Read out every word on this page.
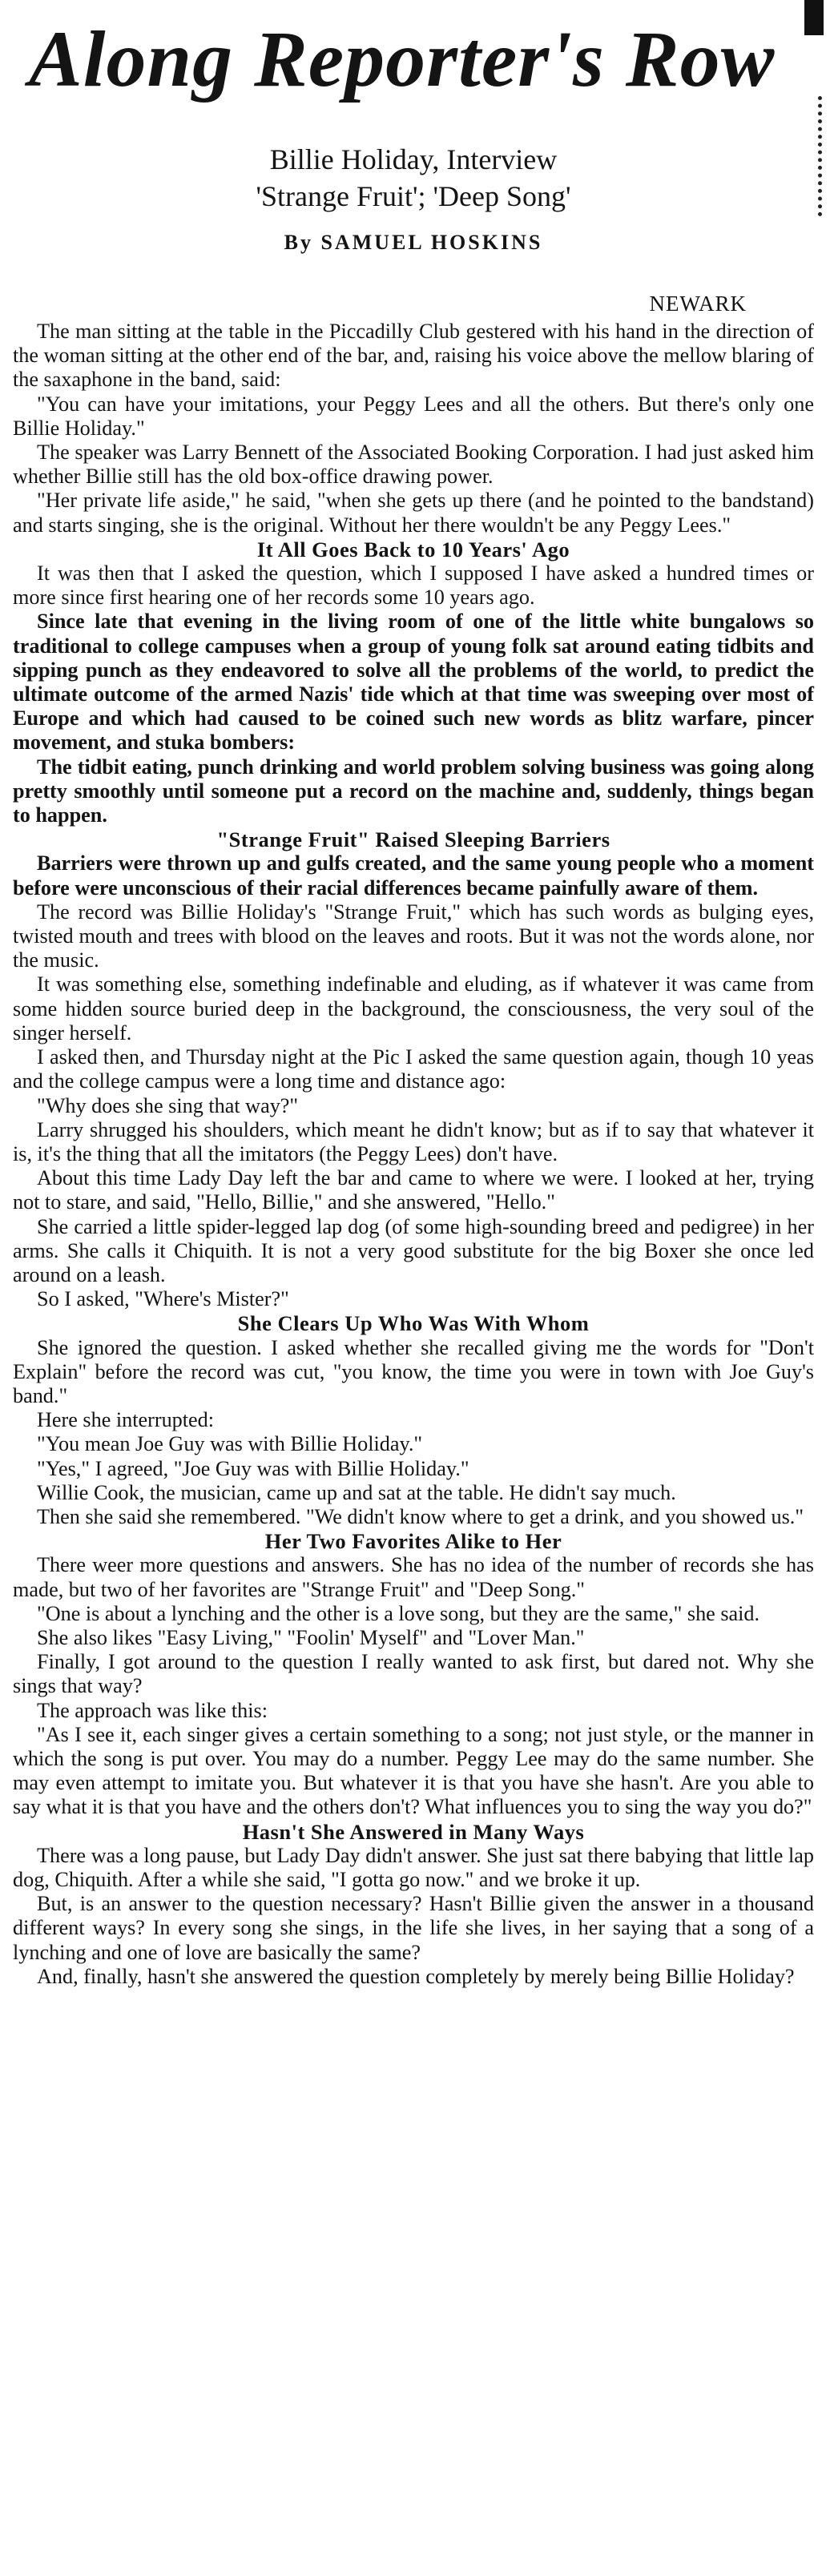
Along Reporter's Row
Billie Holiday, Interview
'Strange Fruit'; 'Deep Song'
By SAMUEL HOSKINS
NEWARK

The man sitting at the table in the Piccadilly Club gestered with his hand in the direction of the woman sitting at the other end of the bar, and, raising his voice above the mellow blaring of the saxaphone in the band, said:

"You can have your imitations, your Peggy Lees and all the others. But there's only one Billie Holiday."

The speaker was Larry Bennett of the Associated Booking Corporation. I had just asked him whether Billie still has the old box-office drawing power.

"Her private life aside," he said, "when she gets up there (and he pointed to the bandstand) and starts singing, she is the original. Without her there wouldn't be any Peggy Lees."

It All Goes Back to 10 Years' Ago

It was then that I asked the question, which I supposed I have asked a hundred times or more since first hearing one of her records some 10 years ago.

Since late that evening in the living room of one of the little white bungalows so traditional to college campuses when a group of young folk sat around eating tidbits and sipping punch as they endeavored to solve all the problems of the world, to predict the ultimate outcome of the armed Nazis' tide which at that time was sweeping over most of Europe and which had caused to be coined such new words as blitz warfare, pincer movement, and stuka bombers:

The tidbit eating, punch drinking and world problem solving business was going along pretty smoothly until someone put a record on the machine and, suddenly, things began to happen.

"Strange Fruit" Raised Sleeping Barriers

Barriers were thrown up and gulfs created, and the same young people who a moment before were unconscious of their racial differences became painfully aware of them.

The record was Billie Holiday's "Strange Fruit," which has such words as bulging eyes, twisted mouth and trees with blood on the leaves and roots. But it was not the words alone, nor the music.

It was something else, something indefinable and eluding, as if whatever it was came from some hidden source buried deep in the background, the consciousness, the very soul of the singer herself.

I asked then, and Thursday night at the Pic I asked the same question again, though 10 yeas and the college campus were a long time and distance ago:

"Why does she sing that way?"

Larry shrugged his shoulders, which meant he didn't know; but as if to say that whatever it is, it's the thing that all the imitators (the Peggy Lees) don't have.

About this time Lady Day left the bar and came to where we were. I looked at her, trying not to stare, and said, "Hello, Billie," and she answered, "Hello."

She carried a little spider-legged lap dog (of some high-sounding breed and pedigree) in her arms. She calls it Chiquith. It is not a very good substitute for the big Boxer she once led around on a leash.

So I asked, "Where's Mister?"

She Clears Up Who Was With Whom

She ignored the question. I asked whether she recalled giving me the words for "Don't Explain" before the record was cut, "you know, the time you were in town with Joe Guy's band."

Here she interrupted:

"You mean Joe Guy was with Billie Holiday."

"Yes," I agreed, "Joe Guy was with Billie Holiday."

Willie Cook, the musician, came up and sat at the table. He didn't say much.

Then she said she remembered. "We didn't know where to get a drink, and you showed us."

Her Two Favorites Alike to Her

There weer more questions and answers. She has no idea of the number of records she has made, but two of her favorites are "Strange Fruit" and "Deep Song."

"One is about a lynching and the other is a love song, but they are the same," she said.

She also likes "Easy Living," "Foolin' Myself" and "Lover Man."

Finally, I got around to the question I really wanted to ask first, but dared not. Why she sings that way?

The approach was like this:

"As I see it, each singer gives a certain something to a song; not just style, or the manner in which the song is put over. You may do a number. Peggy Lee may do the same number. She may even attempt to imitate you. But whatever it is that you have she hasn't. Are you able to say what it is that you have and the others don't? What influences you to sing the way you do?"

Hasn't She Answered in Many Ways

There was a long pause, but Lady Day didn't answer. She just sat there babying that little lap dog, Chiquith. After a while she said, "I gotta go now." and we broke it up.

But, is an answer to the question necessary? Hasn't Billie given the answer in a thousand different ways? In every song she sings, in the life she lives, in her saying that a song of a lynching and one of love are basically the same?

And, finally, hasn't she answered the question completely by merely being Billie Holiday?
